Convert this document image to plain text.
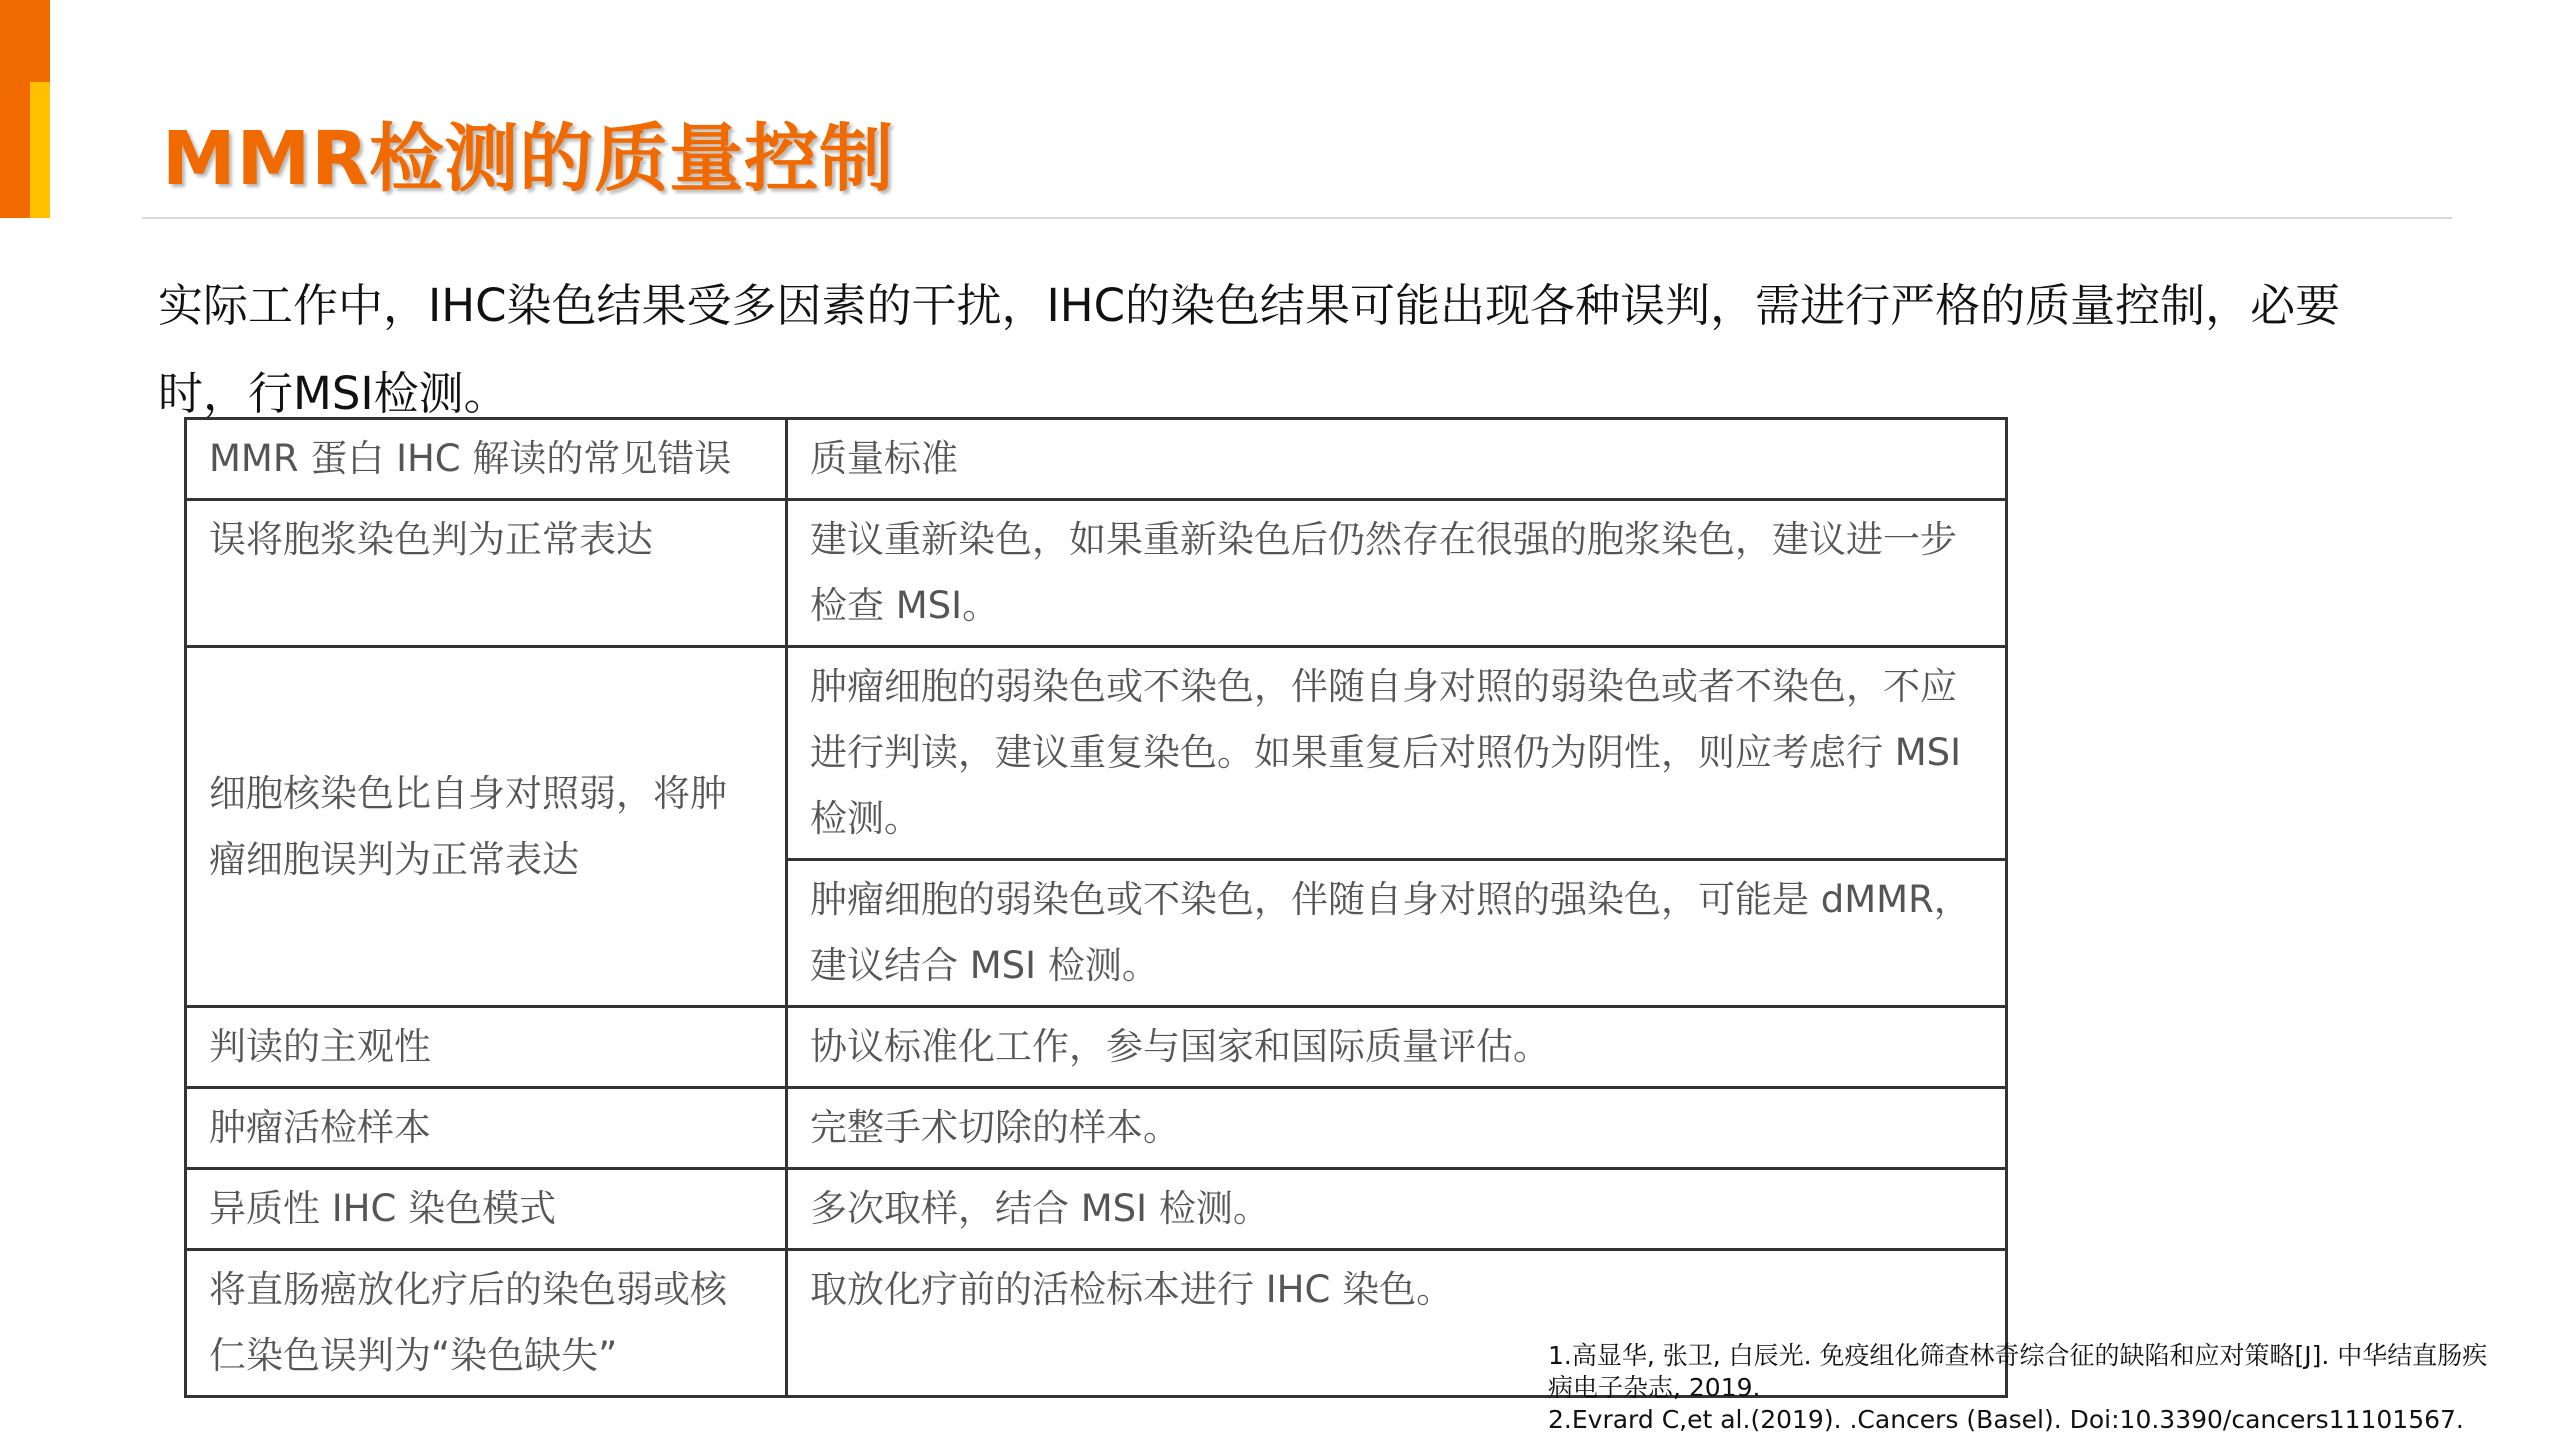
MMR检测的质量控制
实际工作中，IHC染色结果受多因素的干扰，IHC的染色结果可能出现各种误判，需进行严格的质量控制，必要时，行MSI检测。
MMR 蛋白 IHC 解读的常见错误	质量标准
误将胞浆染色判为正常表达	建议重新染色，如果重新染色后仍然存在很强的胞浆染色，建议进一步检查 MSI。
细胞核染色比自身对照弱，将肿瘤细胞误判为正常表达	肿瘤细胞的弱染色或不染色，伴随自身对照的弱染色或者不染色，不应进行判读，建议重复染色。如果重复后对照仍为阴性，则应考虑行 MSI 检测。
	肿瘤细胞的弱染色或不染色，伴随自身对照的强染色，可能是 dMMR，建议结合 MSI 检测。
判读的主观性	协议标准化工作，参与国家和国际质量评估。
肿瘤活检样本	完整手术切除的样本。
异质性 IHC 染色模式	多次取样，结合 MSI 检测。
将直肠癌放化疗后的染色弱或核仁染色误判为“染色缺失”	取放化疗前的活检标本进行 IHC 染色。
1.高显华, 张卫, 白辰光. 免疫组化筛查林奇综合征的缺陷和应对策略[J]. 中华结直肠疾病电子杂志, 2019.
2.Evrard C,et al.(2019). .Cancers (Basel). Doi:10.3390/cancers11101567.
